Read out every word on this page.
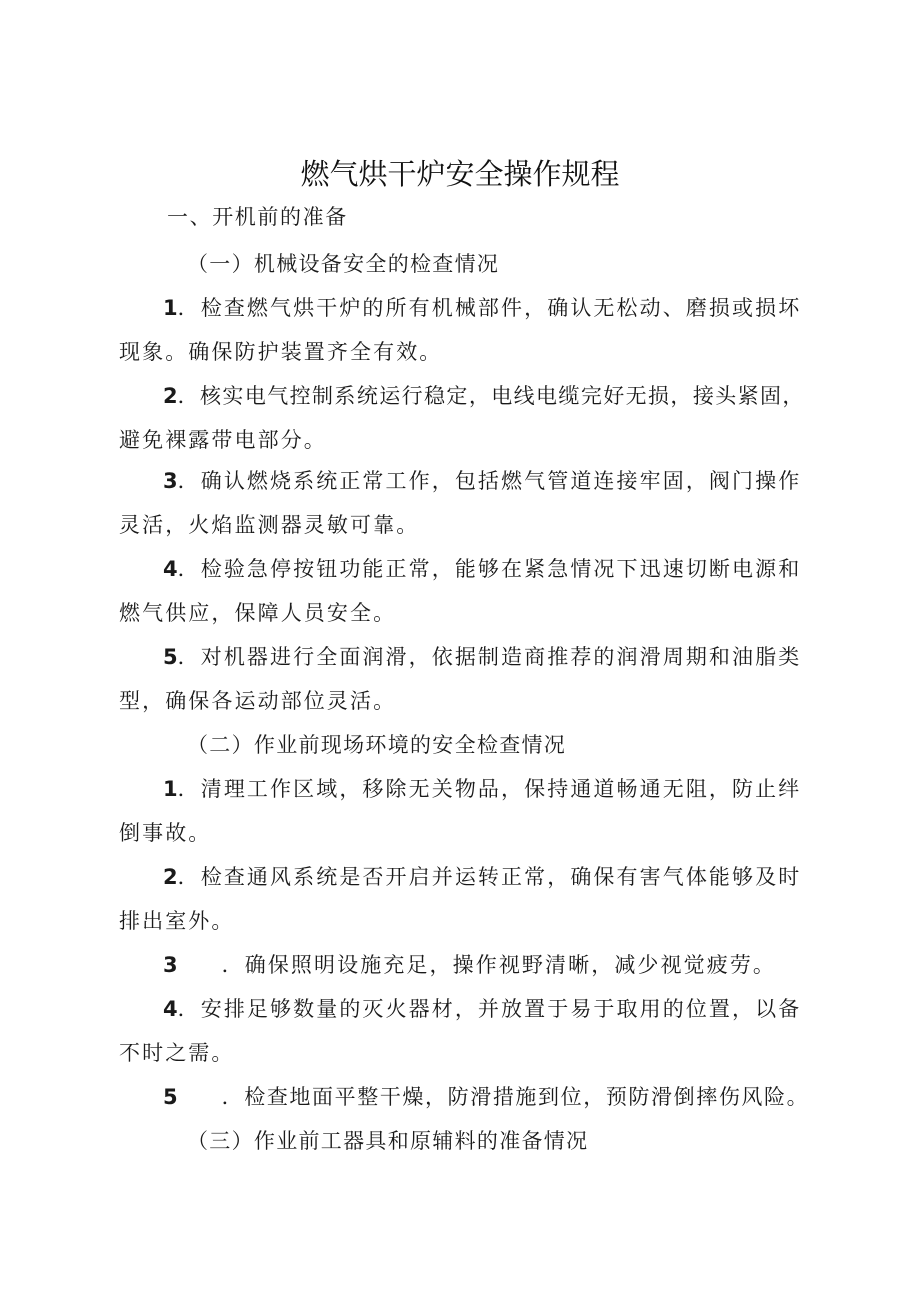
燃气烘干炉安全操作规程
一、开机前的准备
（一）机械设备安全的检查情况
1．检查燃气烘干炉的所有机械部件，确认无松动、磨损或损坏
现象。确保防护装置齐全有效。
2．核实电气控制系统运行稳定，电线电缆完好无损，接头紧固，
避免裸露带电部分。
3．确认燃烧系统正常工作，包括燃气管道连接牢固，阀门操作
灵活，火焰监测器灵敏可靠。
4．检验急停按钮功能正常，能够在紧急情况下迅速切断电源和
燃气供应，保障人员安全。
5．对机器进行全面润滑，依据制造商推荐的润滑周期和油脂类
型，确保各运动部位灵活。
（二）作业前现场环境的安全检查情况
1．清理工作区域，移除无关物品，保持通道畅通无阻，防止绊
倒事故。
2．检查通风系统是否开启并运转正常，确保有害气体能够及时
排出室外。
3 ．确保照明设施充足，操作视野清晰，减少视觉疲劳。
4．安排足够数量的灭火器材，并放置于易于取用的位置，以备
不时之需。
5 ．检查地面平整干燥，防滑措施到位，预防滑倒摔伤风险。
（三）作业前工器具和原辅料的准备情况
